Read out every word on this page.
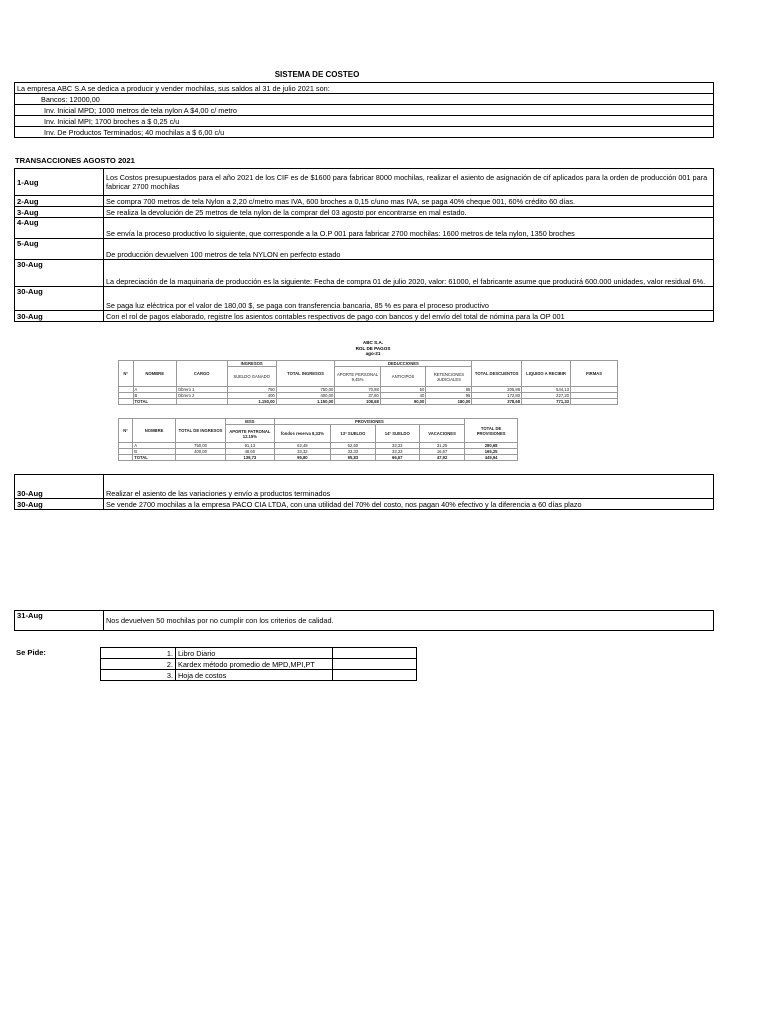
SISTEMA DE COSTEO
La empresa ABC S.A se dedica a producir y vender mochilas, sus saldos al 31 de julio 2021 son:
Bancos: 12000,00
Inv. Inicial MPD; 1000 metros de tela nylon A $4,00 c/ metro
Inv. Inicial MPI; 1700 broches a $ 0,25 c/u
Inv. De Productos Terminados; 40 mochilas a $ 6,00 c/u
TRANSACCIONES AGOSTO 2021
1-Aug	Los Costos presupuestados para el año 2021 de los CIF es de $1600 para fabricar 8000 mochilas, realizar el asiento de asignación de cif aplicados para la orden de producción 001 para fabricar 2700 mochilas
2-Aug	Se compra 700 metros de tela Nylon a 2,20 c/metro mas IVA, 600 broches a 0,15 c/uno mas IVA, se paga 40% cheque 001, 60% crédito 60 días.
3-Aug	Se realiza la devolución de 25 metros de tela nylon de la comprar del 03 agosto por encontrarse en mal estado.
4-Aug	Se envía la proceso productivo lo siguiente, que corresponde a la O.P 001 para fabricar 2700 mochilas: 1600 metros de tela nylon, 1350 broches
5-Aug	De producción devuelven 100 metros de tela NYLON en perfecto estado
30-Aug	La depreciación de la maquinaria de producción es la siguiente: Fecha de compra 01 de julio 2020, valor: 61000, el fabricante asume que producirá 600.000 unidades, valor residual 6%.
30-Aug	Se paga luz eléctrica por el valor de 180,00 $, se paga con transferencia bancaria, 85 % es para el proceso productivo
30-Aug	Con el rol de pagos elaborado, registre los asientos contables respectivos de pago con bancos y del envío del total de nómina para la OP 001
ABC S.A.
ROL DE PAGOS
ago-21
N°	NOMBRE	CARGO	INGRESOS	TOTAL INGRESOS	DEDUCCIONES			TOTAL DESCUENTOS	LIQUIDO A RECIBIR	FIRMAS
			SUELDO GANADO		APORTE PERSONAL 9,45%	ANTICIPOS	RETENCIONES JUDICIALES			
	A	Obrero 1	750	750,00	70,88	50	85	205,88	544,13	
	B	Obrero 2	400	400,00	37,80	40	95	172,80	227,20	
	TOTAL		1.150,00	1.150,00	108,68	90,00	180,00	378,68	771,33	
N°	NOMBRE	TOTAL DE INGRESOS	IESS	PROVISIONES				TOTAL DE PROVISIONES
			APORTE PATRONAL 12.15%	fondos reserva 8,33%	13° SUELDO	14° SUELDO	VACACIONES	
	A	750,00	91,13	62,48	62,50	33,33	31,25	280,68
	B	400,00	48,60	33,32	33,33	33,33	16,67	165,25
	TOTAL		139,73	95,80	95,83	66,67	47,92	445,94
30-Aug	Realizar el asiento de las variaciones y envío a productos terminados
30-Aug	Se vende 2700 mochilas a la empresa PACO CIA LTDA, con una utilidad del 70% del costo, nos pagan 40% efectivo y la diferencia a 60 días plazo
31-Aug	Nos devuelven 50 mochilas por no cumplir con los criterios de calidad.
Se Pide:	1.	Libro Diario	
2.	Kardex método promedio de MPD,MPI,PT	
3.	Hoja de costos	
